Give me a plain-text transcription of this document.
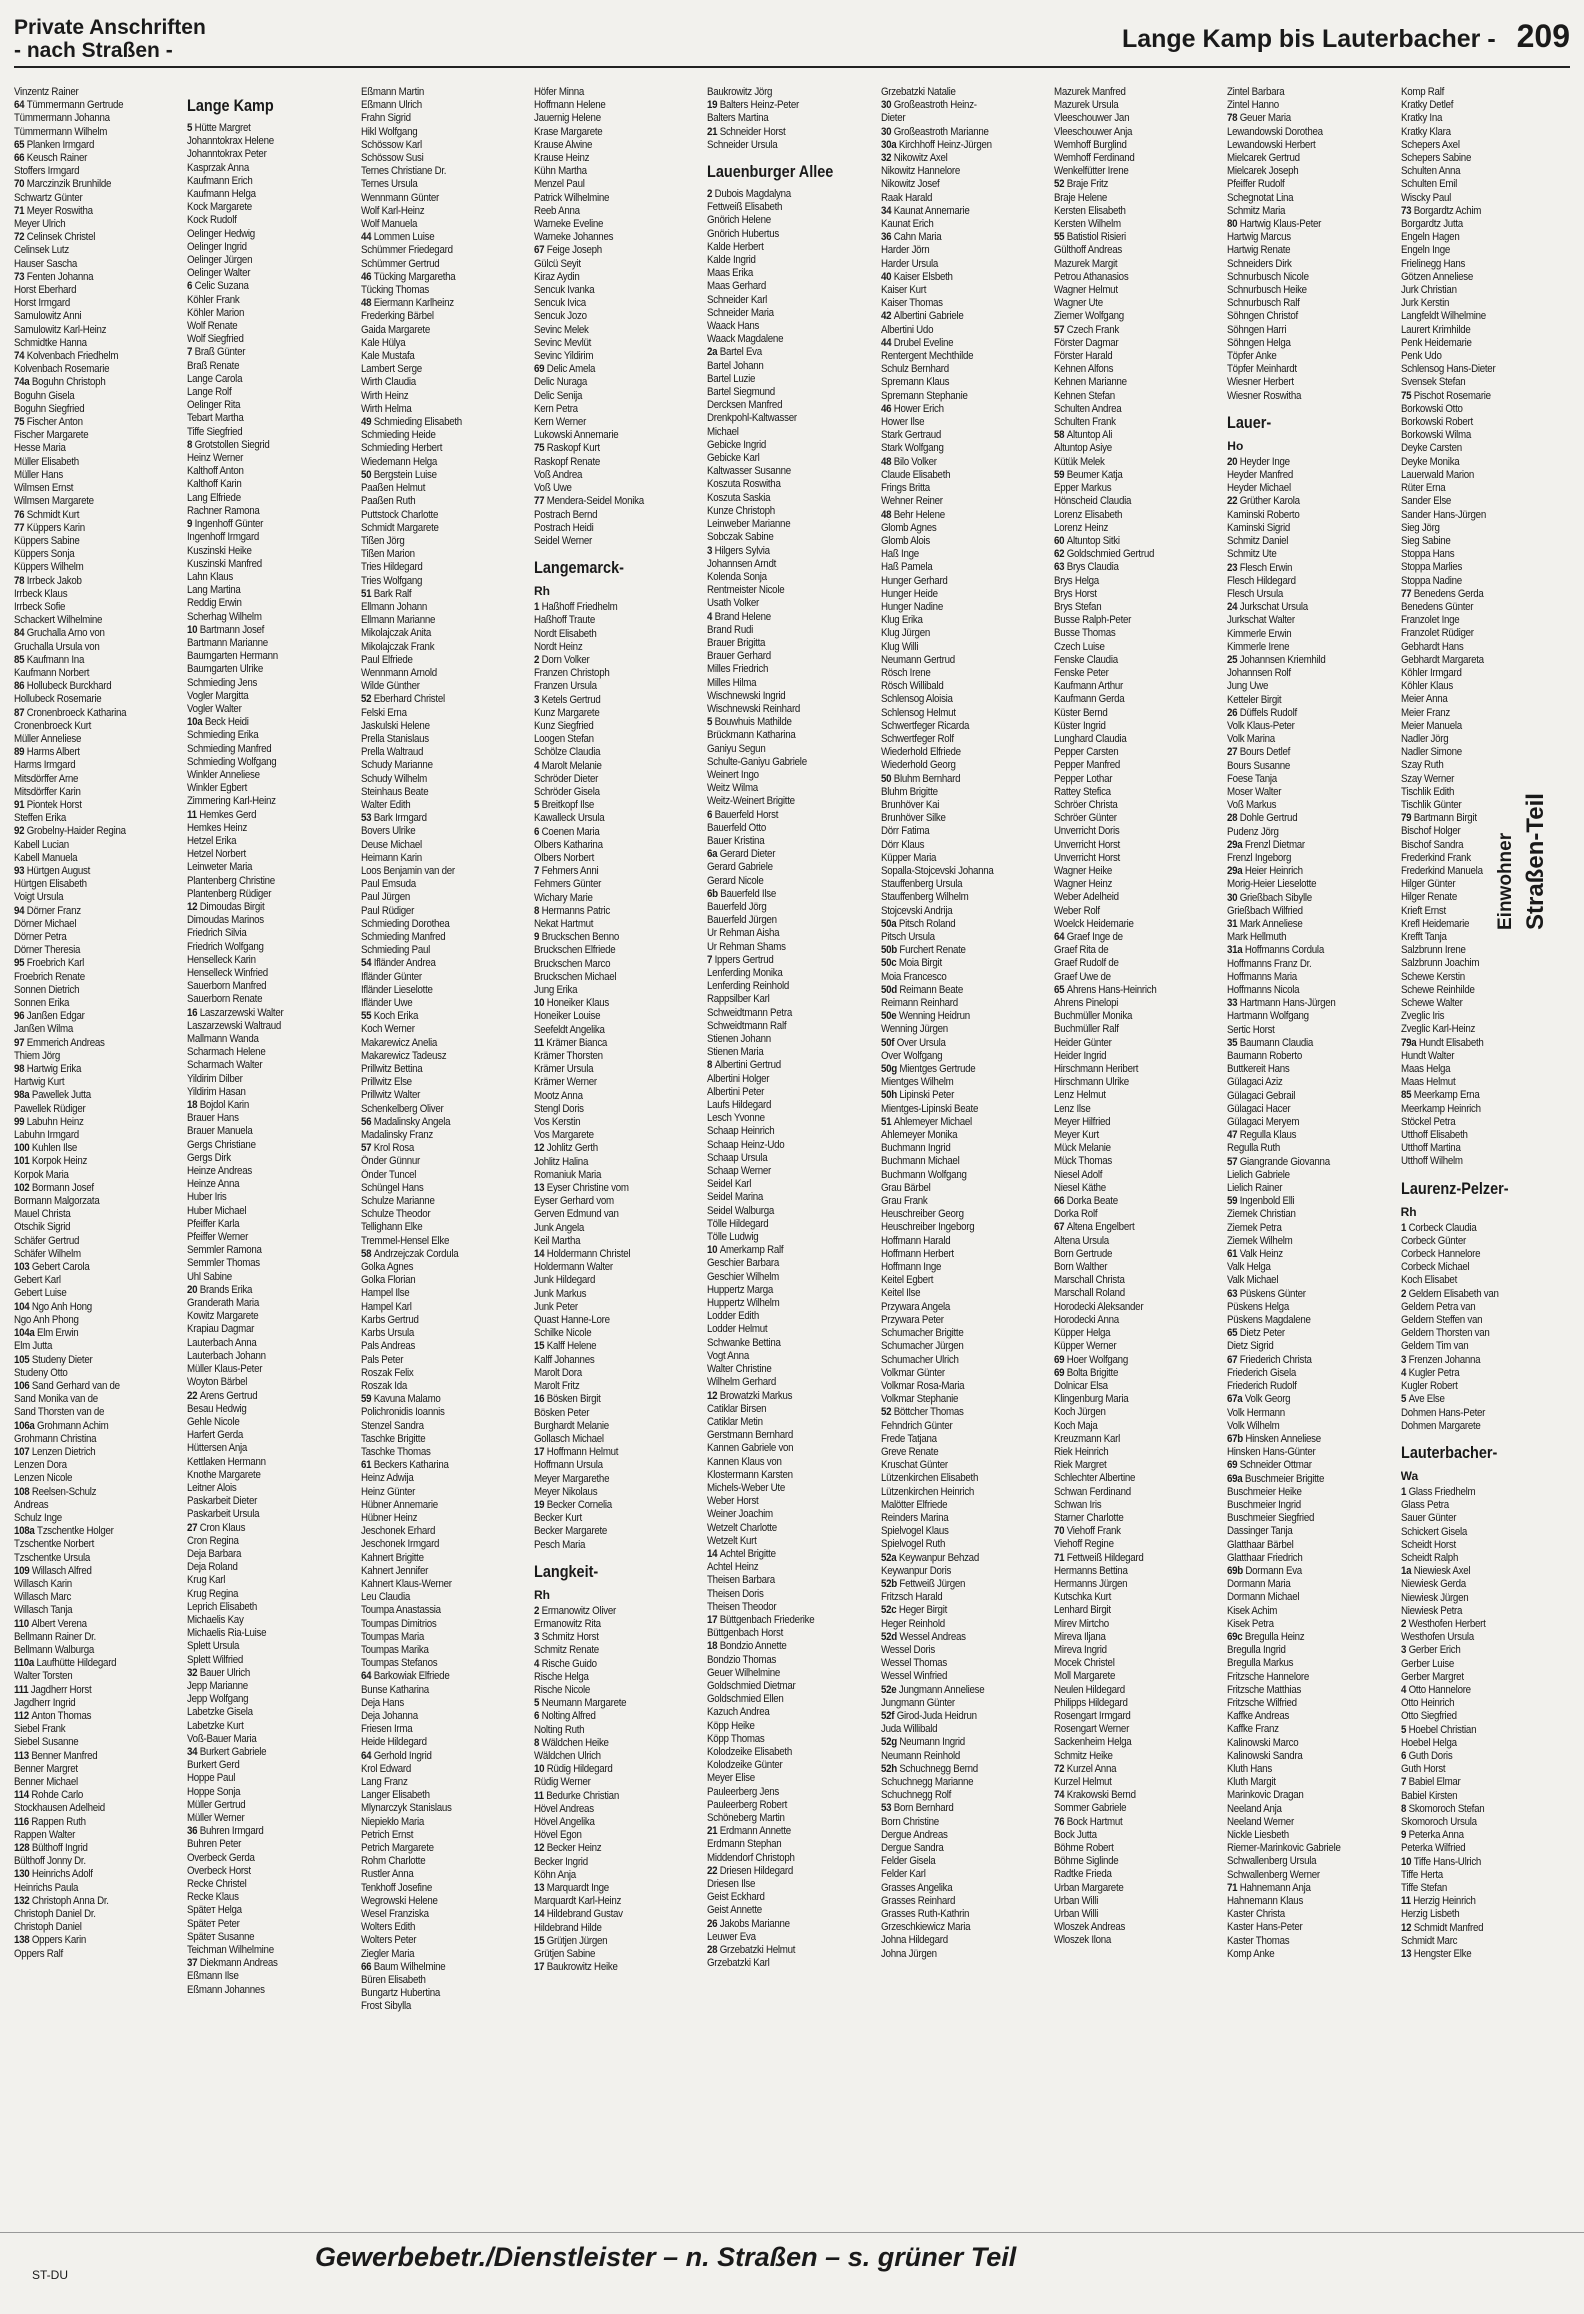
Private Anschriften
- nach Straßen -	Lange Kamp bis Lauterbacher - 209
Vinzentz Rainer
64 Tümmermann Gertrude
Tümmermann Johanna
Tümmermann Wilhelm
65 Planken Irmgard
66 Keusch Rainer
Stoffers Irmgard
70 Marczinzik Brunhilde
Schwartz Günter
71 Meyer Roswitha
Meyer Ulrich
72 Celinsek Christel
Celinsek Lutz
Hauser Sascha
73 Fenten Johanna
Horst Eberhard
Horst Irmgard
Samulowitz Anni
Samulowitz Karl-Heinz
Schmidtke Hanna
74 Kolvenbach Friedhelm
Kolvenbach Rosemarie
74a Boguhn Christoph
Boguhn Gisela
Boguhn Siegfried
75 Fischer Anton
Fischer Margarete
Hesse Maria
Müller Elisabeth
Müller Hans
Wilmsen Ernst
Wilmsen Margarete
76 Schmidt Kurt
77 Küppers Karin
Küppers Sabine
Küppers Sonja
Küppers Wilhelm
78 Irrbeck Jakob
Irrbeck Klaus
Irrbeck Sofie
Schackert Wilhelmine
84 Gruchalla Arno von
Gruchalla Ursula von
85 Kaufmann Ina
Kaufmann Norbert
86 Hollubeck Burckhard
Hollubeck Rosemarie
87 Cronenbroeck Katharina
Cronenbroeck Kurt
Müller Anneliese
89 Harms Albert
Harms Irmgard
Mitsdörffer Arne
Mitsdörffer Karin
91 Piontek Horst
Steffen Erika
92 Grobelny-Haider Regina
Kabell Lucian
Kabell Manuela
93 Hürtgen August
Hürtgen Elisabeth
Voigt Ursula
94 Dörner Franz
Dörner Michael
Dörner Petra
Dörner Theresia
95 Froebrich Karl
Froebrich Renate
Sonnen Dietrich
Sonnen Erika
96 Janßen Edgar
Janßen Wilma
97 Emmerich Andreas
Thiem Jörg
98 Hartwig Erika
Hartwig Kurt
98a Pawellek Jutta
Pawellek Rüdiger
99 Labuhn Heinz
Labuhn Irmgard
100 Kuhlen Ilse
101 Korpok Heinz
Korpok Maria
102 Bormann Josef
Bormann Malgorzata
Mauel Christa
Otschik Sigrid
Schäfer Gertrud
Schäfer Wilhelm
103 Gebert Carola
Gebert Karl
Gebert Luise
104 Ngo Anh Hong
Ngo Anh Phong
104a Elm Erwin
Elm Jutta
105 Studeny Dieter
Studeny Otto
106 Sand Gerhard van de
Sand Monika van de
Sand Thorsten van de
106a Grohmann Achim
Grohmann Christina
107 Lenzen Dietrich
Lenzen Dora
Lenzen Nicole
108 Reelsen-Schulz
Andreas
Schulz Inge
108a Tzschentke Holger
Tzschentke Norbert
Tzschentke Ursula
109 Willasch Alfred
Willasch Karin
Willasch Marc
Willasch Tanja
110 Albert Verena
Bellmann Rainer Dr.
Bellmann Walburga
110a Laufhütte Hildegard
Walter Torsten
111 Jagdherr Horst
Jagdherr Ingrid
112 Anton Thomas
Siebel Frank
Siebel Susanne
113 Benner Manfred
Benner Margret
Benner Michael
114 Rohde Carlo
Stockhausen Adelheid
116 Rappen Ruth
Rappen Walter
128 Bülthoff Ingrid
Bülthoff Jonny Dr.
130 Heinrichs Adolf
Heinrichs Paula
132 Christoph Anna Dr.
Christoph Daniel Dr.
Christoph Daniel
138 Oppers Karin
Oppers Ralf
Lange Kamp
5 Hütte Margret
Johanntokrax Helene
Johanntokrax Peter
Kasprzak Anna
Kaufmann Erich
Kaufmann Helga
Kock Margarete
Kock Rudolf
Oelinger Hedwig
Oelinger Ingrid
Oelinger Jürgen
Oelinger Walter
6 Celic Suzana
Köhler Frank
Köhler Marion
Wolf Renate
Wolf Siegfried
7 Braß Günter
Braß Renate
Lange Carola
Lange Rolf
Oelinger Rita
Tebart Martha
Tiffe Siegfried
8 Grotstollen Siegrid
Heinz Werner
Kalthoff Anton
Kalthoff Karin
Lang Elfriede
Rachner Ramona
9 Ingenhoff Günter
Ingenhoff Irmgard
Kuszinski Heike
Kuszinski Manfred
Lahn Klaus
Lang Martina
Reddig Erwin
Scherhag Wilhelm
10 Bartmann Josef
Bartmann Marianne
Baumgarten Hermann
Baumgarten Ulrike
Schmieding Jens
Vogler Margitta
Vogler Walter
10a Beck Heidi
Schmieding Erika
Schmieding Manfred
Schmieding Wolfgang
Winkler Anneliese
Winkler Egbert
Zimmering Karl-Heinz
11 Hemkes Gerd
Hemkes Heinz
Hetzel Erika
Hetzel Norbert
Leinweter Maria
Plantenberg Christine
Plantenberg Rüdiger
12 Dimoudas Birgit
Dimoudas Marinos
Friedrich Silvia
Friedrich Wolfgang
Henselleck Karin
Henselleck Winfried
Sauerborn Manfred
Sauerborn Renate
16 Laszarzewski Walter
Laszarzewski Waltraud
Mallmann Wanda
Scharmach Helene
Scharmach Walter
Yildirim Dilber
Yildirim Hasan
18 Bojdol Karin
Brauer Hans
Brauer Manuela
Gergs Christiane
Gergs Dirk
Heinze Andreas
Heinze Anna
Huber Iris
Huber Michael
Pfeiffer Karla
Pfeiffer Werner
Semmler Ramona
Semmler Thomas
Uhl Sabine
20 Brands Erika
Granderath Maria
Kowitz Margarete
Krapiau Dagmar
Lauterbach Anna
Lauterbach Johann
Müller Klaus-Peter
Woyton Bärbel
22 Arens Gertrud
Besau Hedwig
Gehle Nicole
Harfert Gerda
Hüttersen Anja
Kettlaken Hermann
Knothe Margarete
Leitner Alois
Paskarbeit Dieter
Paskarbeit Ursula
27 Cron Klaus
Cron Regina
Deja Barbara
Deja Roland
Krug Karl
Krug Regina
Leprich Elisabeth
Michaelis Kay
Michaelis Ria-Luise
Splett Ursula
Splett Wilfried
32 Bauer Ulrich
Jepp Marianne
Jepp Wolfgang
Labetzke Gisela
Labetzke Kurt
Voß-Bauer Maria
34 Burkert Gabriele
Burkert Gerd
Hoppe Paul
Hoppe Sonja
Müller Gertrud
Müller Werner
36 Buhren Irmgard
Buhren Peter
Overbeck Gerda
Overbeck Horst
Recke Christel
Recke Klaus
Späteт Helga
Späteт Peter
Späteт Susanne
Teichman Wilhelmine
37 Diekmann Andreas
Eßmann Ilse
Eßmann Johannes
Eßmann Martin
Eßmann Ulrich
Frahn Sigrid
Hikl Wolfgang
Schössow Karl
Schössow Susi
Ternes Christiane Dr.
Ternes Ursula
Wennmann Günter
Wolf Karl-Heinz
Wolf Manuela
44 Lommen Luise
Schümmer Friedegard
Schümmer Gertrud
46 Tücking Margaretha
Tücking Thomas
48 Eiermann Karlheinz
Frederking Bärbel
Gaida Margarete
Kale Hülya
Kale Mustafa
Lambert Serge
Wirth Claudia
Wirth Heinz
Wirth Helma
49 Schmieding Elisabeth
Schmieding Heide
Schmieding Herbert
Wiedemann Helga
50 Bergstein Luise
Paaßen Helmut
Paaßen Ruth
Puttstock Charlotte
Schmidt Margarete
Tißen Jörg
Tißen Marion
Tries Hildegard
Tries Wolfgang
51 Bark Ralf
Ellmann Johann
Ellmann Marianne
Mikolajczak Anita
Mikolajczak Frank
Paul Elfriede
Wennmann Arnold
Wilde Günther
52 Eberhard Christel
Felski Erna
Jaskulski Helene
Prella Stanislaus
Prella Waltraud
Schudy Marianne
Schudy Wilhelm
Steinhaus Beate
Walter Edith
53 Bark Irmgard
Bovers Ulrike
Deuse Michael
Heimann Karin
Loos Benjamin van der
Paul Emsuda
Paul Jürgen
Paul Rüdiger
Schmieding Dorothea
Schmieding Manfred
Schmieding Paul
54 Ifländer Andrea
Ifländer Günter
Ifländer Lieselotte
Ifländer Uwe
55 Koch Erika
Koch Werner
Makarewicz Anelia
Makarewicz Tadeusz
Prillwitz Bettina
Prillwitz Else
Prillwitz Walter
Schenkelberg Oliver
56 Madalinsky Angela
Madalinsky Franz
57 Krol Rosa
Önder Günnur
Önder Tuncel
Schüngel Hans
Schulze Marianne
Schulze Theodor
Tellighann Elke
Tremmel-Hensel Elke
58 Andrzejczak Cordula
Golka Agnes
Golka Florian
Hampel Ilse
Hampel Karl
Karbs Gertrud
Karbs Ursula
Pals Andreas
Pals Peter
Roszak Felix
Roszak Ida
59 Kavuna Malamo
Polichronidis Ioannis
Stenzel Sandra
Taschke Brigitte
Taschke Thomas
61 Beckers Katharina
Heinz Adwija
Heinz Günter
Hübner Annemarie
Hübner Heinz
Jeschonek Erhard
Jeschonek Irmgard
Kahnert Brigitte
Kahnert Jennifer
Kahnert Klaus-Werner
Leu Claudia
Toumpa Anastassia
Toumpas Dimitrios
Toumpas Maria
Toumpas Marika
Toumpas Stefanos
64 Barkowiak Elfriede
Bunse Katharina
Deja Hans
Deja Johanna
Friesen Irma
Heide Hildegard
64 Gerhold Ingrid
Krol Edward
Lang Franz
Langer Elisabeth
Mlynarczyk Stanislaus
Niepiekło Maria
Petrich Ernst
Petrich Margarete
Rohm Charlotte
Rustler Anna
Tenkhoff Josefine
Wegrowski Helene
Wesel Franziska
Wolters Edith
Wolters Peter
Ziegler Maria
66 Baum Wilhelmine
Büren Elisabeth
Bungartz Hubertina
Frost Sibylla
Höfer Minna
Hoffmann Helene
Jauernig Helene
Krase Margarete
Krause Alwine
Krause Heinz
Kühn Martha
Menzel Paul
Patrick Wilhelmine
Reeb Anna
Warneke Eveline
Warneke Johannes
67 Feige Joseph
Gülcü Seyit
Kiraz Aydin
Sencuk Ivanka
Sencuk Ivica
Sencuk Jozo
Sevinc Melek
Sevinc Mevlüt
Sevinc Yildirim
69 Delic Amela
Delic Nuraga
Delic Senija
Kern Petra
Kern Werner
Lukowski Annemarie
75 Raskopf Kurt
Raskopf Renate
Voß Andrea
Voß Uwe
77 Mendera-Seidel Monika
Postrach Bernd
Postrach Heidi
Seidel Werner
Langemarck-
Rh
1 Haßhoff Friedhelm
Haßhoff Traute
Nordt Elisabeth
Nordt Heinz
2 Dorn Volker
Franzen Christoph
Franzen Ursula
3 Ketels Gertrud
Kunz Margarete
Kunz Siegfried
Loogen Stefan
Schölze Claudia
4 Marolt Melanie
Schröder Dieter
Schröder Gisela
5 Breitkopf Ilse
Kawalleck Ursula
6 Coenen Maria
Olbers Katharina
Olbers Norbert
7 Fehmers Anni
Fehmers Günter
Wichary Marie
8 Hermanns Patric
Nekat Hartmut
9 Bruckschen Benno
Bruckschen Elfriede
Bruckschen Marco
Bruckschen Michael
Jung Erika
10 Honeiker Klaus
Honeiker Louise
Seefeldt Angelika
11 Krämer Bianca
Krämer Thorsten
Krämer Ursula
Krämer Werner
Mootz Anna
Stengl Doris
Vos Kerstin
Vos Margarete
12 Johlitz Gerth
Johlitz Halina
Romaniuk Maria
13 Eyser Christine vom
Eyser Gerhard vom
Gerven Edmund van
Junk Angela
Keil Martha
14 Holdermann Christel
Holdermann Walter
Junk Hildegard
Junk Markus
Junk Peter
Quast Hanne-Lore
Schilke Nicole
15 Kalff Helene
Kalff Johannes
Marolt Dora
Marolt Fritz
16 Bösken Birgit
Bösken Peter
Burghardt Melanie
Gollasch Michael
17 Hoffmann Helmut
Hoffmann Ursula
Meyer Margarethe
Meyer Nikolaus
19 Becker Cornelia
Becker Kurt
Becker Margarete
Pesch Maria
Langkeit-
Rh
2 Ermanowitz Oliver
Ermanowitz Rita
3 Schmitz Horst
Schmitz Renate
4 Rische Guido
Rische Helga
Rische Nicole
5 Neumann Margarete
6 Nolting Alfred
Nolting Ruth
8 Wäldchen Heike
Wäldchen Ulrich
10 Rüdig Hildegard
Rüdig Werner
11 Bedurke Christian
Hövel Andreas
Hövel Angelika
Hövel Egon
12 Becker Heinz
Becker Ingrid
Köhn Anja
13 Marquardt Inge
Marquardt Karl-Heinz
14 Hildebrand Gustav
Hildebrand Hilde
15 Grütjen Jürgen
Grütjen Sabine
17 Baukrowitz Heike
Baukrowitz Jörg
19 Balters Heinz-Peter
Balters Martina
21 Schneider Horst
Schneider Ursula
Lauenburger Allee
2 Dubois Magdalyna
Fettweiß Elisabeth
Gnörich Helene
Gnörich Hubertus
Kalde Herbert
Kalde Ingrid
Maas Erika
Maas Gerhard
Schneider Karl
Schneider Maria
Waack Hans
Waack Magdalene
2a Bartel Eva
Bartel Johann
Bartel Luzie
Bartel Siegmund
Dercksen Manfred
Drenkpohl-Kaltwasser
Michael
Gebicke Ingrid
Gebicke Karl
Kaltwasser Susanne
Koszuta Roswitha
Koszuta Saskia
Kunze Christoph
Leinweber Marianne
Sobczak Sabine
3 Hilgers Sylvia
Johannsen Arndt
Kolenda Sonja
Rentmeister Nicole
Usath Volker
4 Brand Helene
Brand Rudi
Brauer Brigitta
Brauer Gerhard
Milles Friedrich
Milles Hilma
Wischnewski Ingrid
Wischnewski Reinhard
5 Bouwhuis Mathilde
Brückmann Katharina
Ganiyu Segun
Schulte-Ganiyu Gabriele
Weinert Ingo
Weitz Wilma
Weitz-Weinert Brigitte
6 Bauerfeld Horst
Bauerfeld Otto
Bauer Kristina
6a Gerard Dieter
Gerard Gabriele
Gerard Nicole
6b Bauerfeld Ilse
Bauerfeld Jörg
Bauerfeld Jürgen
Ur Rehman Aisha
Ur Rehman Shams
7 Ippers Gertrud
Lenferding Monika
Lenferding Reinhold
Rappsilber Karl
Schweidtmann Petra
Schweidtmann Ralf
Stienen Johann
Stienen Maria
8 Albertini Gertrud
Albertini Holger
Albertini Peter
Laufs Hildegard
Lesch Yvonne
Schaap Heinrich
Schaap Heinz-Udo
Schaap Ursula
Schaap Werner
Seidel Karl
Seidel Marina
Seidel Walburga
Tölle Hildegard
Tölle Ludwig
10 Amerkamp Ralf
Geschier Barbara
Geschier Wilhelm
Huppertz Marga
Huppertz Wilhelm
Lodder Edith
Lodder Helmut
Schwanke Bettina
Vogt Anna
Walter Christine
Wilhelm Gerhard
12 Browatzki Markus
Catiklar Birsen
Catiklar Metin
Gerstmann Bernhard
Kannen Gabriele von
Kannen Klaus von
Klostermann Karsten
Michels-Weber Ute
Weber Horst
Weiner Joachim
Wetzelt Charlotte
Wetzelt Kurt
14 Achtel Brigitte
Achtel Heinz
Theisen Barbara
Theisen Doris
Theisen Theodor
17 Büttgenbach Friederike
Büttgenbach Horst
18 Bondzio Annette
Bondzio Thomas
Geuer Wilhelmine
Goldschmied Dietmar
Goldschmied Ellen
Kazuch Andrea
Köpp Heike
Köpp Thomas
Kolodzeike Elisabeth
Kolodzeike Günter
Meyer Elise
Pauleerberg Jens
Pauleerberg Robert
Schöneberg Martin
21 Erdmann Annette
Erdmann Stephan
Middendorf Christoph
22 Driesen Hildegard
Driesen Ilse
Geist Eckhard
Geist Annette
26 Jakobs Marianne
Leuwer Eva
28 Grzebatzki Helmut
Grzebatzki Karl
Grzebatzki Natalie
30 Großeastroth Heinz-
Dieter
30 Großeastroth Marianne
30a Kirchhoff Heinz-Jürgen
32 Nikowitz Axel
Nikowitz Hannelore
Nikowitz Josef
Raak Harald
34 Kaunat Annemarie
Kaunat Erich
36 Cahn Maria
Harder Jörn
Harder Ursula
40 Kaiser Elsbeth
Kaiser Kurt
Kaiser Thomas
42 Albertini Gabriele
Albertini Udo
44 Drubel Eveline
Rentergent Mechthilde
Schulz Bernhard
Spremann Klaus
Spremann Stephanie
46 Hower Erich
Hower Ilse
Stark Gertraud
Stark Wolfgang
48 Bilo Volker
Claude Elisabeth
Frings Britta
Wehner Reiner
48 Behr Helene
Glomb Agnes
Glomb Alois
Haß Inge
Haß Pamela
Hunger Gerhard
Hunger Heide
Hunger Nadine
Klug Erika
Klug Jürgen
Klug Willi
Neumann Gertrud
Rösch Irene
Rösch Willibald
Schlensog Aloisia
Schlensog Helmut
Schwertfeger Ricarda
Schwertfeger Rolf
Wiederhold Elfriede
Wiederhold Georg
50 Bluhm Bernhard
Bluhm Brigitte
Brunhöver Kai
Brunhöver Silke
Dörr Fatima
Dörr Klaus
Küpper Maria
Sopalla-Stojcevski Johanna
Stauffenberg Ursula
Stauffenberg Wilhelm
Stojcevski Andrija
50a Pitsch Roland
Pitsch Ursula
50b Furchert Renate
50c Moia Birgit
Moia Francesco
50d Reimann Beate
Reimann Reinhard
50e Wenning Heidrun
Wenning Jürgen
50f Over Ursula
Over Wolfgang
50g Mientges Gertrude
Mientges Wilhelm
50h Lipinski Peter
Mientges-Lipinski Beate
51 Ahlemeyer Michael
Ahlemeyer Monika
Buchmann Ingrid
Buchmann Michael
Buchmann Wolfgang
Grau Bärbel
Grau Frank
Heuschreiber Georg
Heuschreiber Ingeborg
Hoffmann Harald
Hoffmann Herbert
Hoffmann Inge
Keitel Egbert
Keitel Ilse
Przywara Angela
Przywara Peter
Schumacher Brigitte
Schumacher Jürgen
Schumacher Ulrich
Volkmar Günter
Volkmar Rosa-Maria
Volkmar Stephanie
52 Böttcher Thomas
Fehndrich Günter
Frede Tatjana
Greve Renate
Kruschat Günter
Lützenkirchen Elisabeth
Lützenkirchen Heinrich
Malötter Elfriede
Reinders Marina
Spielvogel Klaus
Spielvogel Ruth
52a Keywanpur Behzad
Keywanpur Doris
52b Fettweiß Jürgen
Fritzsch Harald
52c Heger Birgit
Heger Reinhold
52d Wessel Andreas
Wessel Doris
Wessel Thomas
Wessel Winfried
52e Jungmann Anneliese
Jungmann Günter
52f Girod-Juda Heidrun
Juda Willibald
52g Neumann Ingrid
Neumann Reinhold
52h Schuchnegg Bernd
Schuchnegg Marianne
Schuchnegg Rolf
53 Born Bernhard
Born Christine
Dergue Andreas
Dergue Sandra
Felder Gisela
Felder Karl
Grasses Angelika
Grasses Reinhard
Grasses Ruth-Kathrin
Grzeschkiewicz Maria
Johna Hildegard
Johna Jürgen
Mazurek Manfred
Mazurek Ursula
Vleeschouwer Jan
Vleeschouwer Anja
Wemhoff Burglind
Wemhoff Ferdinand
Wenkelfütter Irene
52 Braje Fritz
Braje Helene
Kersten Elisabeth
Kersten Wilhelm
55 Batistiol Risieri
Gülthoff Andreas
Mazurek Margit
Petrou Athanasios
Wagner Helmut
Wagner Ute
Ziemer Wolfgang
57 Czech Frank
Förster Dagmar
Förster Harald
Kehnen Alfons
Kehnen Marianne
Kehnen Stefan
Schulten Andrea
Schulten Frank
58 Altuntop Ali
Altuntop Asiye
Kütük Melek
59 Beumer Katja
Epper Markus
Hönscheid Claudia
Lorenz Elisabeth
Lorenz Heinz
60 Altuntop Sitki
62 Goldschmied Gertrud
63 Brys Claudia
Brys Helga
Brys Horst
Brys Stefan
Busse Ralph-Peter
Busse Thomas
Czech Luise
Fenske Claudia
Fenske Peter
Kaufmann Arthur
Kaufmann Gerda
Küster Bernd
Küster Ingrid
Lunghard Claudia
Pepper Carsten
Pepper Manfred
Pepper Lothar
Rattey Stefica
Schröer Christa
Schröer Günter
Unverricht Doris
Unverricht Horst
Unverricht Horst
Wagner Heike
Wagner Heinz
Weber Adelheid
Weber Rolf
Woelck Heidemarie
64 Graef Inge de
Graef Rita de
Graef Rudolf de
Graef Uwe de
65 Ahrens Hans-Heinrich
Ahrens Pinelopi
Buchmüller Monika
Buchmüller Ralf
Heider Günter
Heider Ingrid
Hirschmann Heribert
Hirschmann Ulrike
Lenz Helmut
Lenz Ilse
Meyer Hilfried
Meyer Kurt
Mück Melanie
Mück Thomas
Niesel Adolf
Niesel Käthe
66 Dorka Beate
Dorka Rolf
67 Altena Engelbert
Altena Ursula
Born Gertrude
Born Walther
Marschall Christa
Marschall Roland
Horodecki Aleksander
Horodecki Anna
Küpper Helga
Küpper Werner
69 Hoer Wolfgang
69 Bolta Brigitte
Dolnicar Elsa
Klingenburg Maria
Koch Jürgen
Koch Maja
Kreuzmann Karl
Riek Heinrich
Riek Margret
Schlechter Albertine
Schwan Ferdinand
Schwan Iris
Starner Charlotte
70 Viehoff Frank
Viehoff Regine
71 Fettweiß Hildegard
Hermanns Bettina
Hermanns Jürgen
Kutschka Kurt
Lenhard Birgit
Mirev Mirtcho
Mireva Iljana
Mireva Ingrid
Mocek Christel
Moll Margarete
Neulen Hildegard
Philipps Hildegard
Rosengart Irmgard
Rosengart Werner
Sackenheim Helga
Schmitz Heike
72 Kurzel Anna
Kurzel Helmut
74 Krakowski Bernd
Sommer Gabriele
76 Bock Hartmut
Bock Jutta
Böhme Robert
Böhme Siglinde
Radtke Frieda
Urban Margarete
Urban Willi
Urban Willi
Wloszek Andreas
Wloszek Ilona
Zintel Barbara
Zintel Hanno
78 Geuer Maria
Lewandowski Dorothea
Lewandowski Herbert
Mielcarek Gertrud
Mielcarek Joseph
Pfeiffer Rudolf
Schegnotat Lina
Schmitz Maria
80 Hartwig Klaus-Peter
Hartwig Marcus
Hartwig Renate
Schneiders Dirk
Schnurbusch Nicole
Schnurbusch Heike
Schnurbusch Ralf
Söhngen Christof
Söhngen Harri
Söhngen Helga
Töpfer Anke
Töpfer Meinhardt
Wiesner Herbert
Wiesner Roswitha
Lauer-
Ho
20 Heyder Inge
Heyder Manfred
Heyder Michael
22 Grüther Karola
Kaminski Roberto
Kaminski Sigrid
Schmitz Daniel
Schmitz Ute
23 Flesch Erwin
Flesch Hildegard
Flesch Ursula
24 Jurkschat Ursula
Jurkschat Walter
Kimmerle Erwin
Kimmerle Irene
25 Johannsen Kriemhild
Johannsen Rolf
Jung Uwe
Ketteler Birgit
26 Düffels Rudolf
Volk Klaus-Peter
Volk Marina
27 Bours Detlef
Bours Susanne
Foese Tanja
Moser Walter
Voß Markus
28 Dohle Gertrud
Pudenz Jörg
29a Frenzl Dietmar
Frenzl Ingeborg
29a Heier Heinrich
Morig-Heier Lieselotte
30 Grießbach Sibylle
Grießbach Wilfried
31 Mark Anneliese
Mark Hellmuth
31a Hoffmanns Cordula
Hoffmanns Franz Dr.
Hoffmanns Maria
Hoffmanns Nicola
33 Hartmann Hans-Jürgen
Hartmann Wolfgang
Sertic Horst
35 Baumann Claudia
Baumann Roberto
Buttkereit Hans
Gülagaci Aziz
Gülagaci Gebrail
Gülagaci Hacer
Gülagaci Meryem
47 Regulla Klaus
Regulla Ruth
57 Giangrande Giovanna
Lielich Gabriele
Lielich Rainer
59 Ingenbold Elli
Ziemek Christian
Ziemek Petra
Ziemek Wilhelm
61 Valk Heinz
Valk Helga
Valk Michael
63 Püskens Günter
Püskens Helga
Püskens Magdalene
65 Dietz Peter
Dietz Sigrid
67 Friederich Christa
Friederich Gisela
Friederich Rudolf
67a Volk Georg
Volk Hermann
Volk Wilhelm
67b Hinsken Anneliese
Hinsken Hans-Günter
69 Schneider Ottmar
69a Buschmeier Brigitte
Buschmeier Heike
Buschmeier Ingrid
Buschmeier Siegfried
Dassinger Tanja
Glatthaar Bärbel
Glatthaar Friedrich
69b Dormann Eva
Dormann Maria
Dormann Michael
Kisek Achim
Kisek Petra
69c Bregulla Heinz
Bregulla Ingrid
Bregulla Markus
Fritzsche Hannelore
Fritzsche Matthias
Fritzsche Wilfried
Kaffke Andreas
Kaffke Franz
Kalinowski Marco
Kalinowski Sandra
Kluth Hans
Kluth Margit
Marinkovic Dragan
Neeland Anja
Neeland Werner
Nickle Liesbeth
Riemer-Marinkovic Gabriele
Schwallenberg Ursula
Schwallenberg Werner
71 Hahnemann Anja
Hahnemann Klaus
Kaster Christa
Kaster Hans-Peter
Kaster Thomas
Komp Anke
Komp Ralf
Kratky Detlef
Kratky Ina
Kratky Klara
Schepers Axel
Schepers Sabine
Schulten Anna
Schulten Emil
Wiscky Paul
73 Borgardtz Achim
Borgardtz Jutta
Engeln Hagen
Engeln Inge
Frielinegg Hans
Götzen Anneliese
Jurk Christian
Jurk Kerstin
Langfeldt Wilhelmine
Laurert Krimhilde
Penk Heidemarie
Penk Udo
Schlensog Hans-Dieter
Svensek Stefan
75 Pischot Rosemarie
Borkowski Otto
Borkowski Robert
Borkowski Wilma
Deyke Carsten
Deyke Monika
Lauerwald Marion
Rüter Erna
Sander Else
Sander Hans-Jürgen
Sieg Jörg
Sieg Sabine
Stoppa Hans
Stoppa Marlies
Stoppa Nadine
77 Benedens Gerda
Benedens Günter
Franzolet Inge
Franzolet Rüdiger
Gebhardt Hans
Gebhardt Margareta
Köhler Irmgard
Köhler Klaus
Meier Anna
Meier Franz
Meier Manuela
Nadler Jörg
Nadler Simone
Szay Ruth
Szay Werner
Tischlik Edith
Tischlik Günter
79 Bartmann Birgit
Bischof Holger
Bischof Sandra
Frederkind Frank
Frederkind Manuela
Hilger Günter
Hilger Renate
Krieft Ernst
Krefl Heidemarie
Krefft Tanja
Salzbrunn Irene
Salzbrunn Joachim
Schewe Kerstin
Schewe Reinhilde
Schewe Walter
Zveglic Iris
Zveglic Karl-Heinz
79a Hundt Elisabeth
Hundt Walter
Maas Helga
Maas Helmut
85 Meerkamp Erna
Meerkamp Heinrich
Stöckel Petra
Utthoff Elisabeth
Utthoff Martina
Utthoff Wilhelm
Laurenz-Pelzer-
Rh
1 Corbeck Claudia
Corbeck Günter
Corbeck Hannelore
Corbeck Michael
Koch Elisabet
2 Geldern Elisabeth van
Geldern Petra van
Geldern Steffen van
Geldern Thorsten van
Geldern Tim van
3 Frenzen Johanna
4 Kugler Petra
Kugler Robert
5 Ave Else
Dohmen Hans-Peter
Dohmen Margarete
Lauterbacher-
Wa
1 Glass Friedhelm
Glass Petra
Sauer Günter
Schickert Gisela
Scheidt Horst
Scheidt Ralph
1a Niewiesk Axel
Niewiesk Gerda
Niewiesk Jürgen
Niewiesk Petra
2 Westhofen Herbert
Westhofen Ursula
3 Gerber Erich
Gerber Luise
Gerber Margret
4 Otto Hannelore
Otto Heinrich
Otto Siegfried
5 Hoebel Christian
Hoebel Helga
6 Guth Doris
Guth Horst
7 Babiel Elmar
Babiel Kirsten
8 Skomoroch Stefan
Skomoroch Ursula
9 Peterka Anna
Peterka Wilfried
10 Tiffe Hans-Ulrich
Tiffe Herta
Tiffe Stefan
11 Herzig Heinrich
Herzig Lisbeth
12 Schmidt Manfred
Schmidt Marc
13 Hengster Elke
Einwohner Straßen-Teil
ST-DU
Gewerbebetr./Dienstleister – n. Straßen – s. grüner Teil
